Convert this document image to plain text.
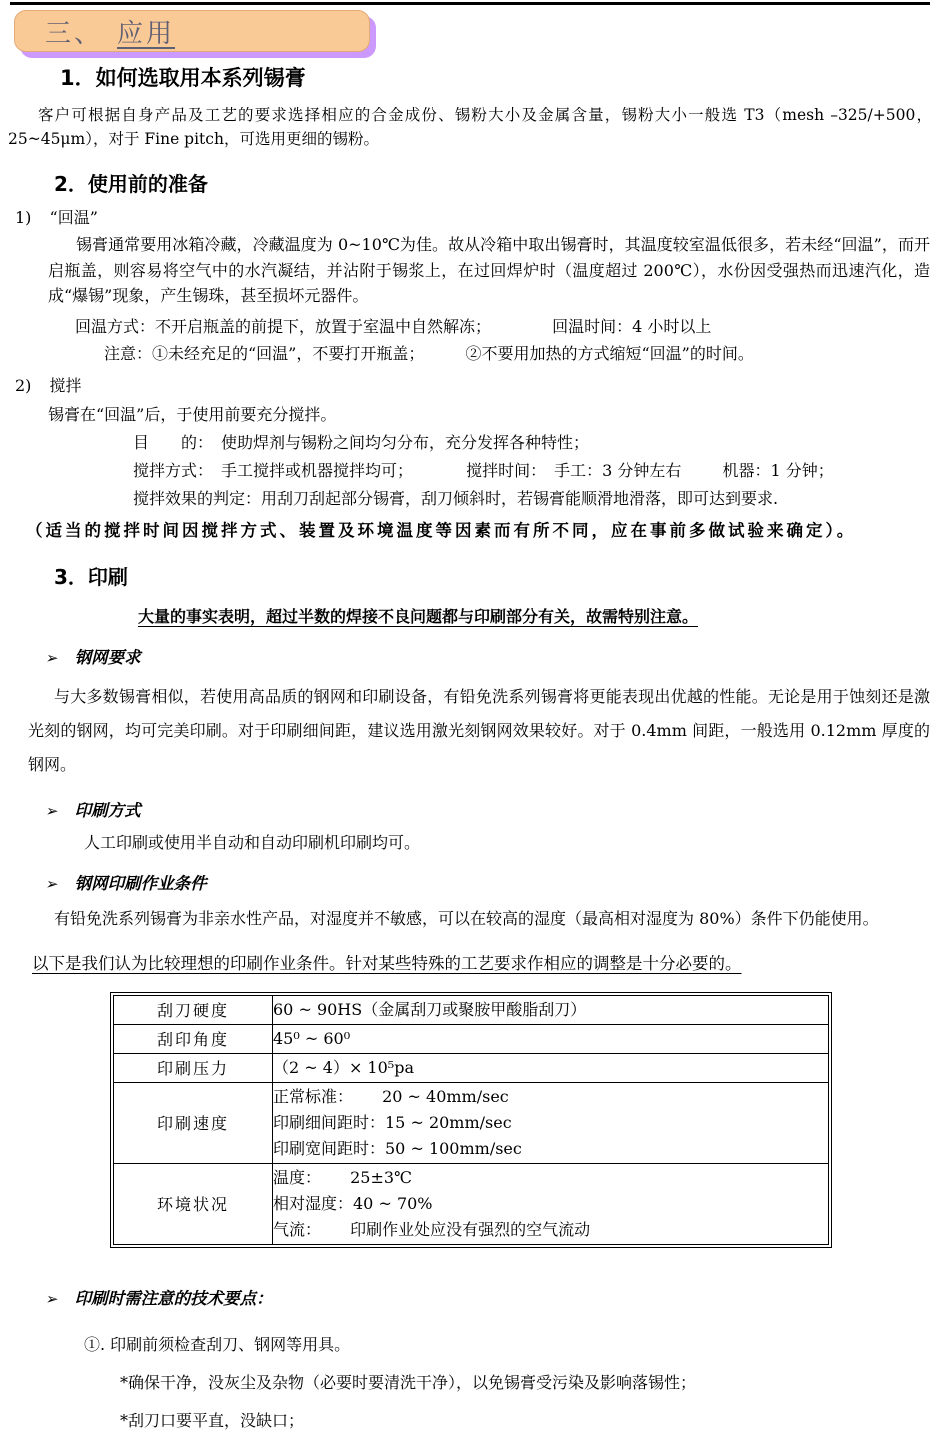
三、 应用
1．如何选取用本系列锡膏
客户可根据自身产品及工艺的要求选择相应的合金成份、锡粉大小及金属含量，锡粉大小一般选 T3（mesh –325/+500，25~45μm），对于 Fine pitch，可选用更细的锡粉。
2．使用前的准备
1) “回温”
锡膏通常要用冰箱冷藏，冷藏温度为 0~10℃为佳。故从冷箱中取出锡膏时，其温度较室温低很多，若未经“回温”，而开启瓶盖，则容易将空气中的水汽凝结，并沾附于锡浆上，在过回焊炉时（温度超过 200℃），水份因受强热而迅速汽化，造成“爆锡”现象，产生锡珠，甚至损坏元器件。
回温方式：不开启瓶盖的前提下，放置于室温中自然解冻；	回温时间：4 小时以上
注意：①未经充足的“回温”，不要打开瓶盖；	②不要用加热的方式缩短“回温”的时间。
2) 搅拌
锡膏在“回温”后，于使用前要充分搅拌。
目　　的：　使助焊剂与锡粉之间均匀分布，充分发挥各种特性；
搅拌方式：　手工搅拌或机器搅拌均可；	搅拌时间：　手工：3 分钟左右	机器：1 分钟；
搅拌效果的判定：用刮刀刮起部分锡膏，刮刀倾斜时，若锡膏能顺滑地滑落，即可达到要求.
（适当的搅拌时间因搅拌方式、装置及环境温度等因素而有所不同，应在事前多做试验来确定）。
3．印刷
大量的事实表明，超过半数的焊接不良问题都与印刷部分有关，故需特别注意。
➢ 钢网要求
与大多数锡膏相似，若使用高品质的钢网和印刷设备，有铅免洗系列锡膏将更能表现出优越的性能。无论是用于蚀刻还是激光刻的钢网，均可完美印刷。对于印刷细间距，建议选用激光刻钢网效果较好。对于 0.4mm 间距，一般选用 0.12mm 厚度的钢网。
➢ 印刷方式
人工印刷或使用半自动和自动印刷机印刷均可。
➢ 钢网印刷作业条件
有铅免洗系列锡膏为非亲水性产品，对湿度并不敏感，可以在较高的湿度（最高相对湿度为 80%）条件下仍能使用。
以下是我们认为比较理想的印刷作业条件。针对某些特殊的工艺要求作相应的调整是十分必要的。
刮刀硬度	60 ~ 90HS（金属刮刀或聚胺甲酸脂刮刀）

刮印角度	45⁰ ~ 60⁰

印刷压力	（2 ~ 4）× 10⁵pa

印刷速度	正常标准：　　 20 ~ 40mm/sec
印刷细间距时：15 ~ 20mm/sec
印刷宽间距时：50 ~ 100mm/sec

环境状况	温度：　　 25±3℃
相对湿度：40 ~ 70%
气流：　　 印刷作业处应没有强烈的空气流动
➢ 印刷时需注意的技术要点：
①. 印刷前须检查刮刀、钢网等用具。
*确保干净，没灰尘及杂物（必要时要清洗干净），以免锡膏受污染及影响落锡性；
*刮刀口要平直，没缺口；
